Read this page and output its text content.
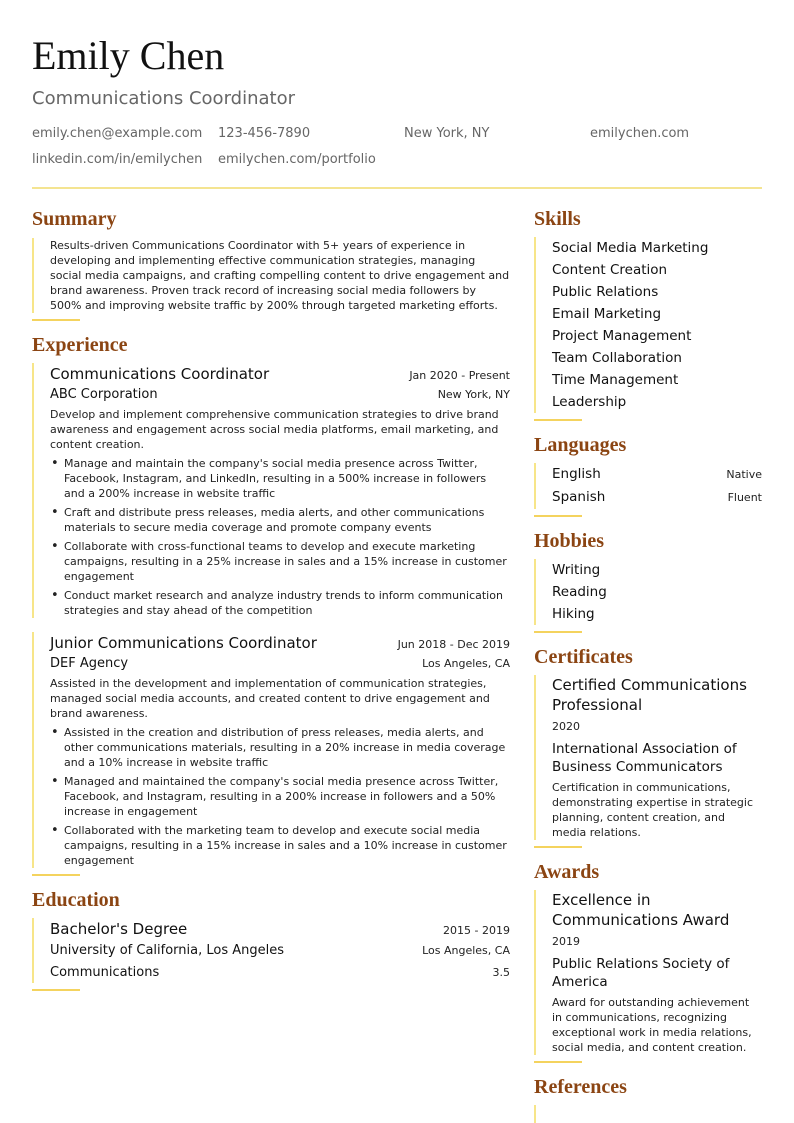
Emily Chen
Communications Coordinator
emily.chen@example.com	123-456-7890	New York, NY	emilychen.com
linkedin.com/in/emilychen	emilychen.com/portfolio
Summary

Results-driven Communications Coordinator with 5+ years of experience in developing and implementing effective communication strategies, managing social media campaigns, and crafting compelling content to drive engagement and brand awareness. Proven track record of increasing social media followers by 500% and improving website traffic by 200% through targeted marketing efforts.

Experience
Communications Coordinator	Jan 2020 - Present
ABC Corporation	New York, NY

Develop and implement comprehensive communication strategies to drive brand awareness and engagement across social media platforms, email marketing, and content creation.

• Manage and maintain the company's social media presence across Twitter, Facebook, Instagram, and LinkedIn, resulting in a 500% increase in followers and a 200% increase in website traffic
• Craft and distribute press releases, media alerts, and other communications materials to secure media coverage and promote company events
• Collaborate with cross-functional teams to develop and execute marketing campaigns, resulting in a 25% increase in sales and a 15% increase in customer engagement
• Conduct market research and analyze industry trends to inform communication strategies and stay ahead of the competition
Junior Communications Coordinator	Jun 2018 - Dec 2019
DEF Agency	Los Angeles, CA

Assisted in the development and implementation of communication strategies, managed social media accounts, and created content to drive engagement and brand awareness.

• Assisted in the creation and distribution of press releases, media alerts, and other communications materials, resulting in a 20% increase in media coverage and a 10% increase in website traffic
• Managed and maintained the company's social media presence across Twitter, Facebook, and Instagram, resulting in a 200% increase in followers and a 50% increase in engagement
• Collaborated with the marketing team to develop and execute social media campaigns, resulting in a 15% increase in sales and a 10% increase in customer engagement
Education
Bachelor's Degree	2015 - 2019
University of California, Los Angeles	Los Angeles, CA
Communications	3.5
Skills
Social Media Marketing
Content Creation
Public Relations
Email Marketing
Project Management
Team Collaboration
Time Management
Leadership
Languages
English	Native
Spanish	Fluent
Hobbies
Writing
Reading
Hiking
Certificates
Certified Communications Professional
2020
International Association of Business Communicators
Certification in communications, demonstrating expertise in strategic planning, content creation, and media relations.
Awards
Excellence in Communications Award
2019
Public Relations Society of America
Award for outstanding achievement in communications, recognizing exceptional work in media relations, social media, and content creation.
References
